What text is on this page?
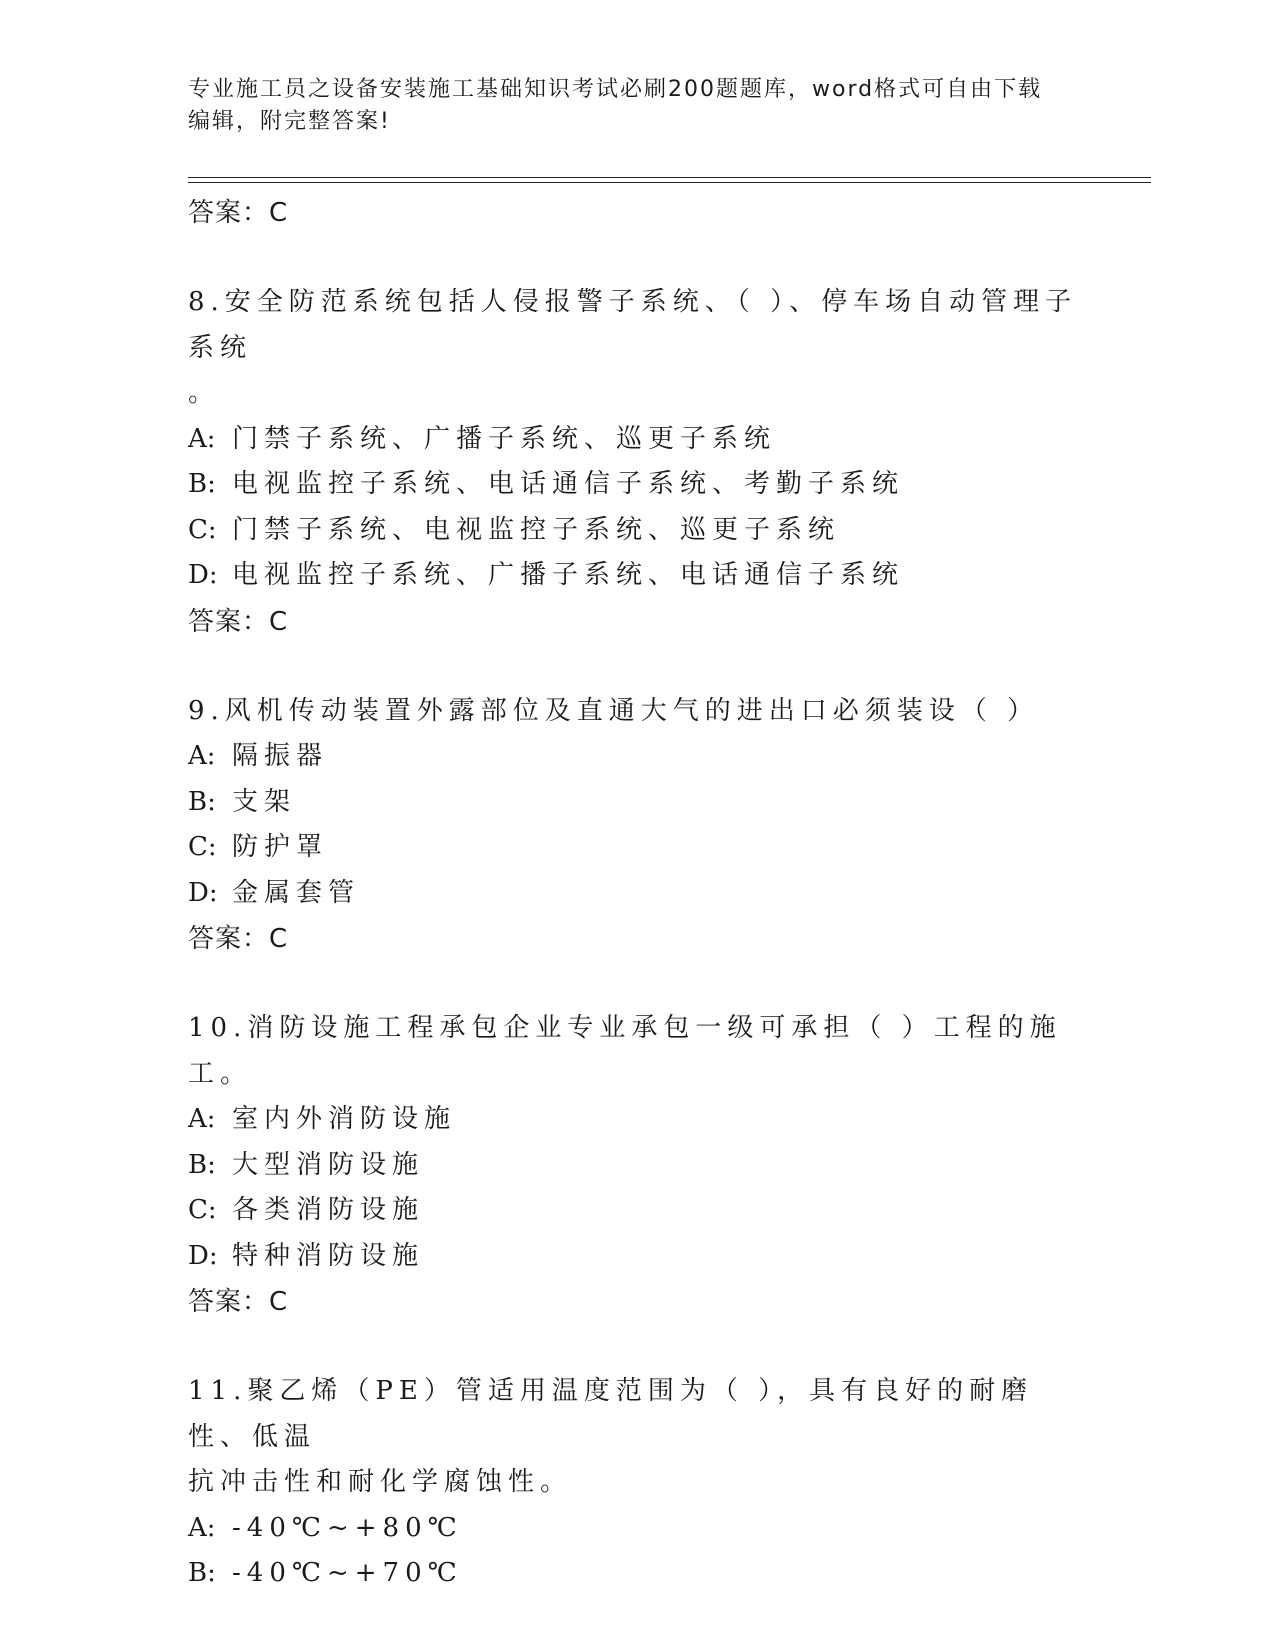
专业施工员之设备安装施工基础知识考试必刷200题题库，word格式可自由下载
编辑，附完整答案!
答案：C
8.安全防范系统包括人侵报警子系统、（ ）、停车场自动管理子系统
。
A: 门禁子系统、广播子系统、巡更子系统
B: 电视监控子系统、电话通信子系统、考勤子系统
C: 门禁子系统、电视监控子系统、巡更子系统
D: 电视监控子系统、广播子系统、电话通信子系统
答案：C
9.风机传动装置外露部位及直通大气的进出口必须装设（ ）
A: 隔振器
B: 支架
C: 防护罩
D: 金属套管
答案：C
10.消防设施工程承包企业专业承包一级可承担（ ）工程的施工。
A: 室内外消防设施
B: 大型消防设施
C: 各类消防设施
D: 特种消防设施
答案：C
11.聚乙烯（PE）管适用温度范围为（ ），具有良好的耐磨性、低温
抗冲击性和耐化学腐蚀性。
A: -40℃~+80℃
B: -40℃~+70℃
